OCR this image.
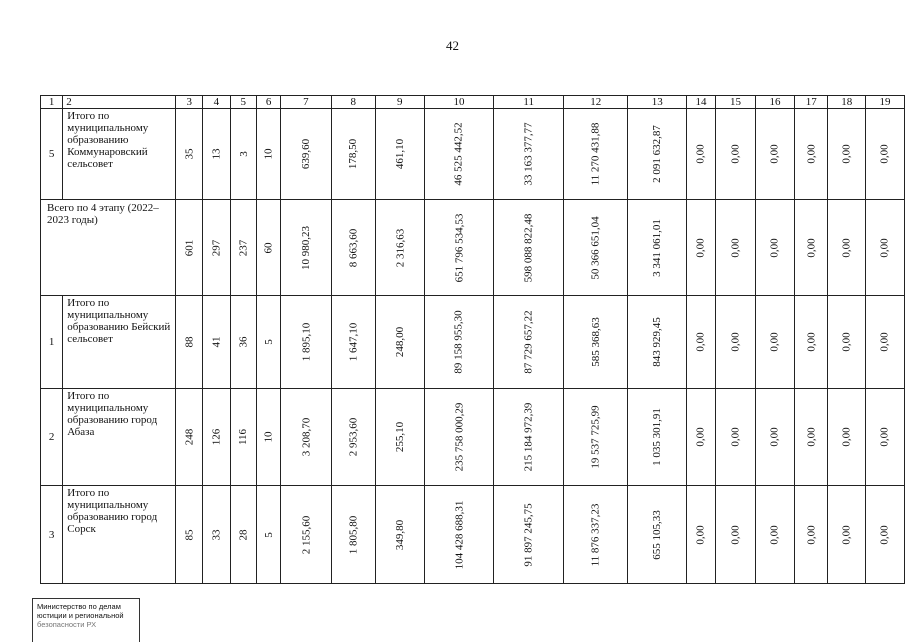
42
1	2	3	4	5	6	7	8	9	10	11	12	13	14	15	16	17	18	19
5	Итого по муниципальному образованию Коммунаровский сельсовет	35	13	3	10	639,60	178,50	461,10	46 525 442,52	33 163 377,77	11 270 431,88	2 091 632,87	0,00	0,00	0,00	0,00	0,00	0,00
Всего по 4 этапу (2022–2023 годы)		601	297	237	60	10 980,23	8 663,60	2 316,63	651 796 534,53	598 088 822,48	50 366 651,04	3 341 061,01	0,00	0,00	0,00	0,00	0,00	0,00
1	Итого по муниципальному образованию Бейский сельсовет	88	41	36	5	1 895,10	1 647,10	248,00	89 158 955,30	87 729 657,22	585 368,63	843 929,45	0,00	0,00	0,00	0,00	0,00	0,00
2	Итого по муниципальному образованию город Абаза	248	126	116	10	3 208,70	2 953,60	255,10	235 758 000,29	215 184 972,39	19 537 725,99	1 035 301,91	0,00	0,00	0,00	0,00	0,00	0,00
3	Итого по муниципальному образованию город Сорск	85	33	28	5	2 155,60	1 805,80	349,80	104 428 688,31	91 897 245,75	11 876 337,23	655 105,33	0,00	0,00	0,00	0,00	0,00	0,00
Министерство по делам
юстиции и региональной
безопасности РХ
